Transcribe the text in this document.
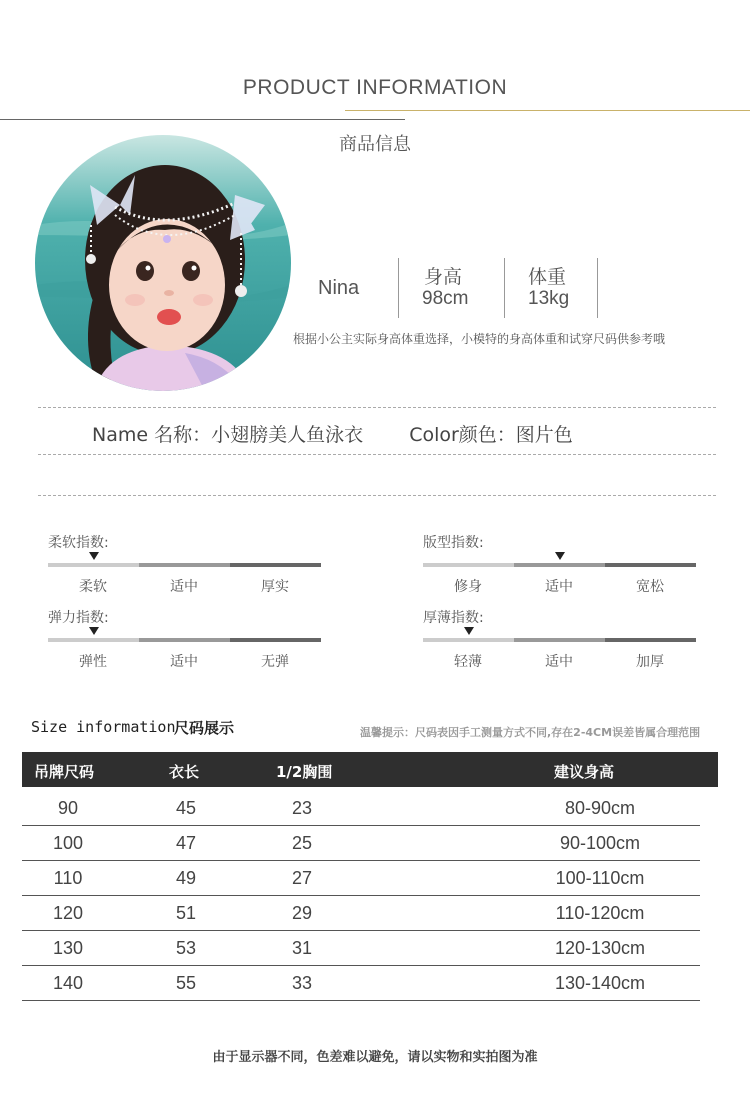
PRODUCT INFORMATION
商品信息
Nina	身高
98cm
体重
13kg
根据小公主实际身高体重选择，小模特的身高体重和试穿尺码供参考哦
Name 名称：小翅膀美人鱼泳衣 Color颜色：图片色
柔软指数:
柔软	适中	厚实
版型指数:
修身	适中	宽松
弹力指数:
弹性	适中	无弹
厚薄指数:
轻薄	适中	加厚
Size information
尺码展示	温馨提示：尺码表因手工测量方式不同,存在2-4CM误差皆属合理范围
吊牌尺码	衣长	1/2胸围	建议身高
90	45	23	80-90cm
100	47	25	90-100cm
110	49	27	100-110cm
120	51	29	110-120cm
130	53	31	120-130cm
140	55	33	130-140cm
由于显示器不同，色差难以避免，请以实物和实拍图为准
